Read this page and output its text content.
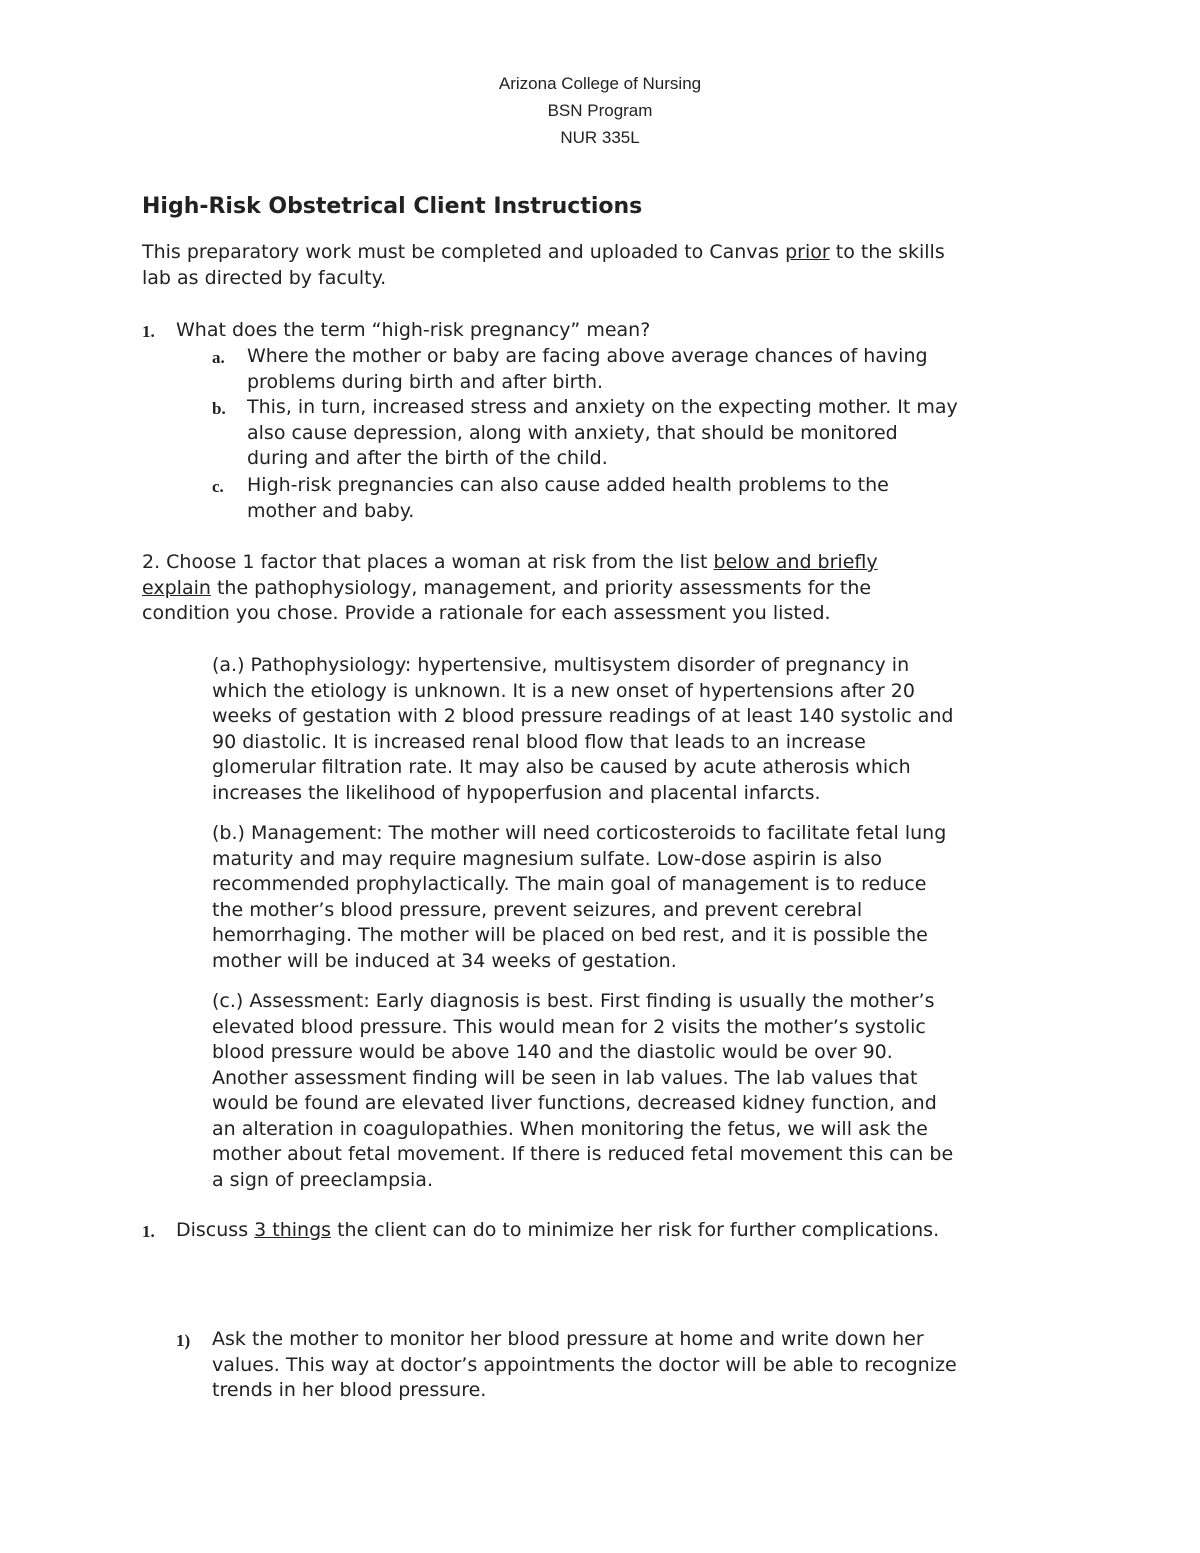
Arizona College of Nursing
BSN Program
NUR 335L
High-Risk Obstetrical Client Instructions
This preparatory work must be completed and uploaded to Canvas prior to the skills
lab as directed by faculty.
1. What does the term “high-risk pregnancy” mean?
a. Where the mother or baby are facing above average chances of having
problems during birth and after birth.
b. This, in turn, increased stress and anxiety on the expecting mother. It may
also cause depression, along with anxiety, that should be monitored
during and after the birth of the child.
c. High-risk pregnancies can also cause added health problems to the
mother and baby.
2. Choose 1 factor that places a woman at risk from the list below and briefly
explain the pathophysiology, management, and priority assessments for the
condition you chose. Provide a rationale for each assessment you listed.
(a.) Pathophysiology: hypertensive, multisystem disorder of pregnancy in
which the etiology is unknown. It is a new onset of hypertensions after 20
weeks of gestation with 2 blood pressure readings of at least 140 systolic and
90 diastolic. It is increased renal blood flow that leads to an increase
glomerular filtration rate. It may also be caused by acute atherosis which
increases the likelihood of hypoperfusion and placental infarcts.
(b.) Management: The mother will need corticosteroids to facilitate fetal lung
maturity and may require magnesium sulfate. Low-dose aspirin is also
recommended prophylactically. The main goal of management is to reduce
the mother’s blood pressure, prevent seizures, and prevent cerebral
hemorrhaging. The mother will be placed on bed rest, and it is possible the
mother will be induced at 34 weeks of gestation.
(c.) Assessment: Early diagnosis is best. First finding is usually the mother’s
elevated blood pressure. This would mean for 2 visits the mother’s systolic
blood pressure would be above 140 and the diastolic would be over 90.
Another assessment finding will be seen in lab values. The lab values that
would be found are elevated liver functions, decreased kidney function, and
an alteration in coagulopathies. When monitoring the fetus, we will ask the
mother about fetal movement. If there is reduced fetal movement this can be
a sign of preeclampsia.
1. Discuss 3 things the client can do to minimize her risk for further complications.
1) Ask the mother to monitor her blood pressure at home and write down her
values. This way at doctor’s appointments the doctor will be able to recognize
trends in her blood pressure.
